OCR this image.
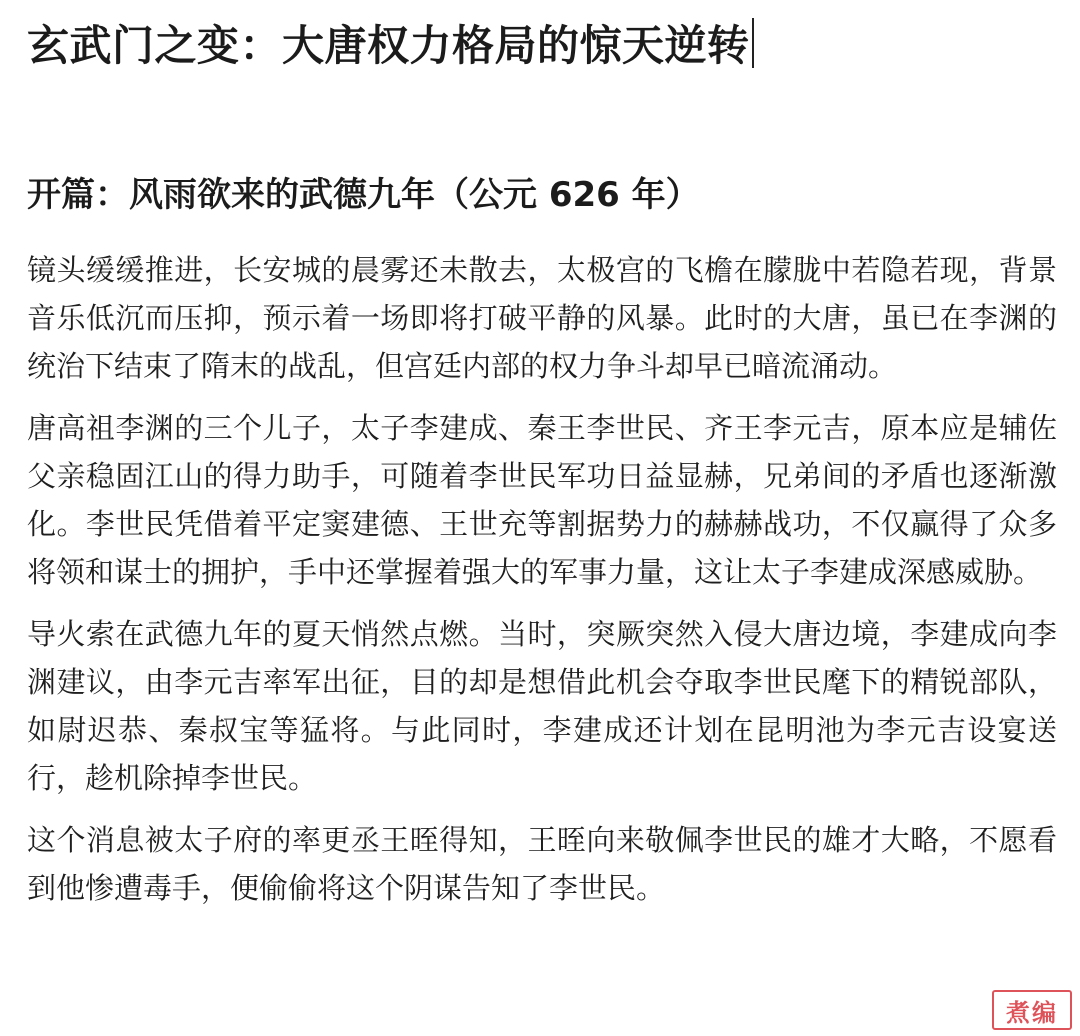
玄武门之变：大唐权力格局的惊天逆转
开篇：风雨欲来的武德九年（公元 626 年）

镜头缓缓推进，长安城的晨雾还未散去，太极宫的飞檐在朦胧中若隐若现，背景音乐低沉而压抑，预示着一场即将打破平静的风暴。此时的大唐，虽已在李渊的统治下结束了隋末的战乱，但宫廷内部的权力争斗却早已暗流涌动。

唐高祖李渊的三个儿子，太子李建成、秦王李世民、齐王李元吉，原本应是辅佐父亲稳固江山的得力助手，可随着李世民军功日益显赫，兄弟间的矛盾也逐渐激化。李世民凭借着平定窦建德、王世充等割据势力的赫赫战功，不仅赢得了众多将领和谋士的拥护，手中还掌握着强大的军事力量，这让太子李建成深感威胁。

导火索在武德九年的夏天悄然点燃。当时，突厥突然入侵大唐边境，李建成向李渊建议，由李元吉率军出征，目的却是想借此机会夺取李世民麾下的精锐部队，如尉迟恭、秦叔宝等猛将。与此同时，李建成还计划在昆明池为李元吉设宴送行，趁机除掉李世民。

这个消息被太子府的率更丞王晊得知，王晊向来敬佩李世民的雄才大略，不愿看到他惨遭毒手，便偷偷将这个阴谋告知了李世民。

煮编
